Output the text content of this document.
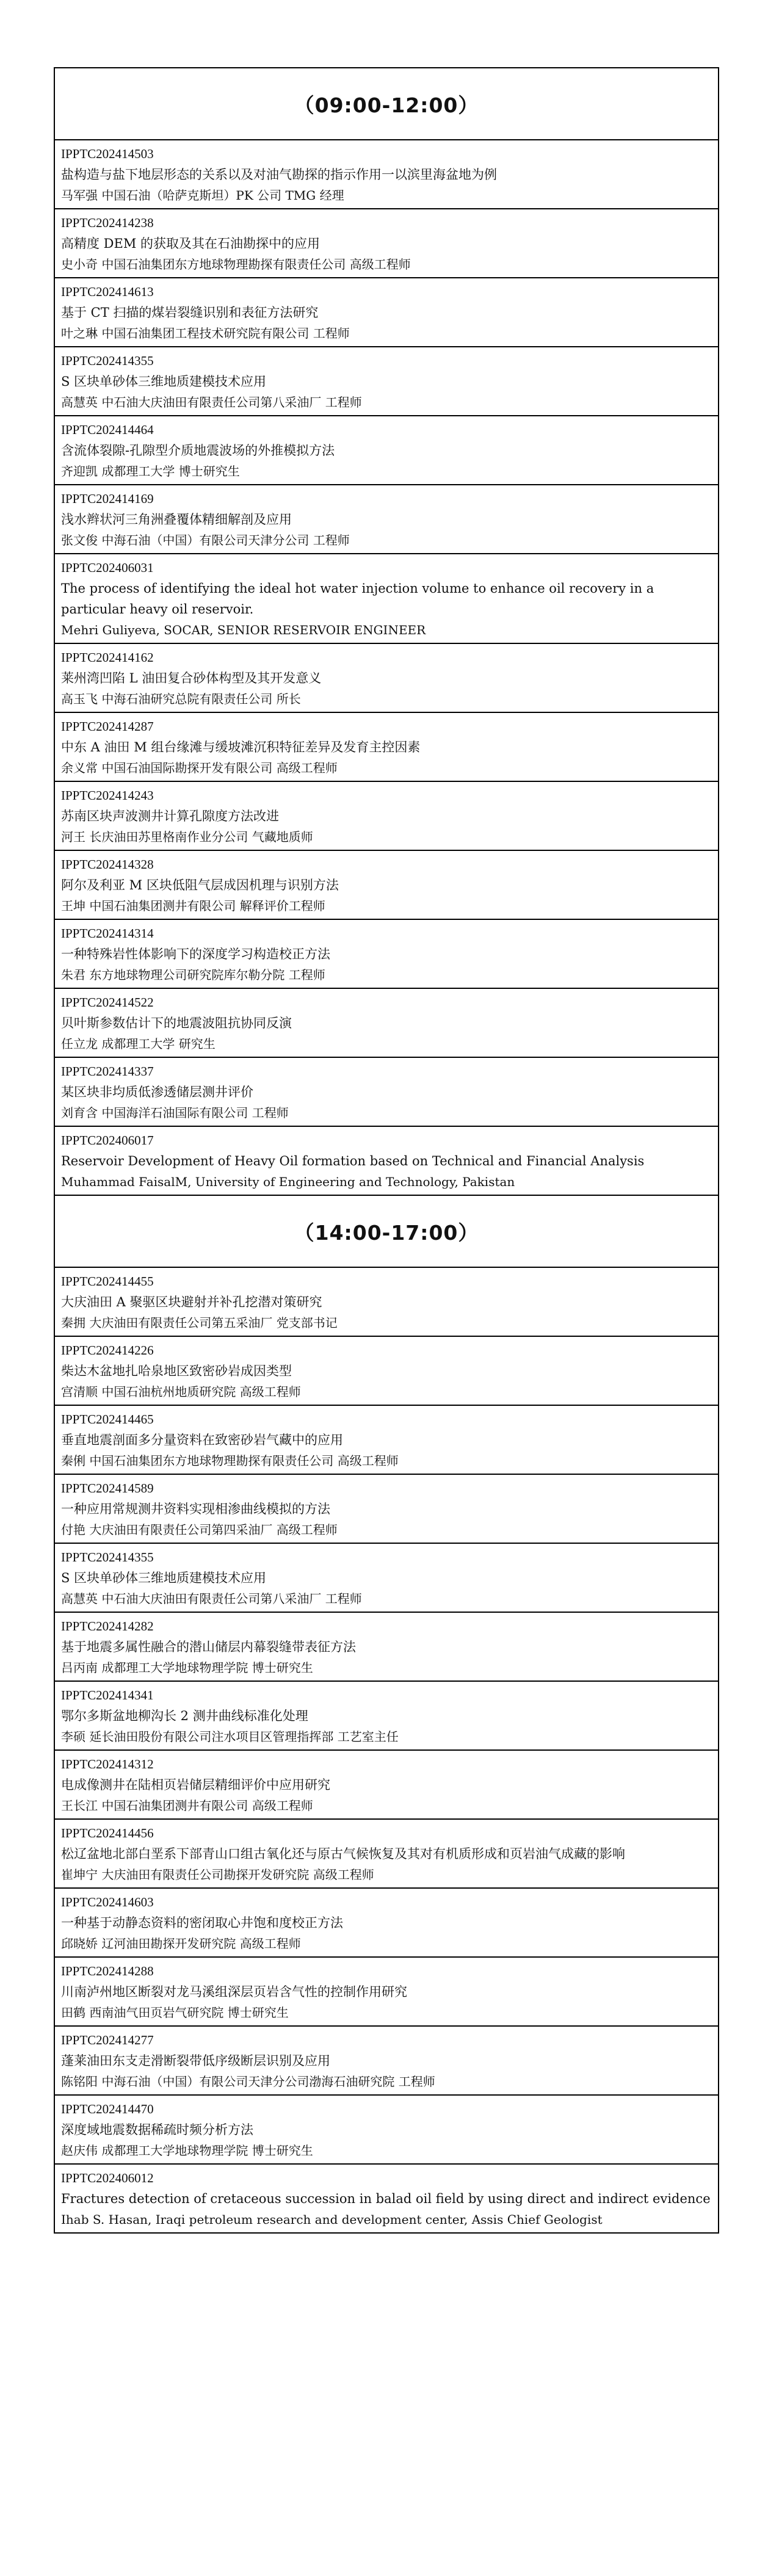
（09:00-12:00）
IPPTC202414503
盐构造与盐下地层形态的关系以及对油气勘探的指示作用一以滨里海盆地为例
马军强 中国石油（哈萨克斯坦）PK 公司 TMG 经理
IPPTC202414238
高精度 DEM 的获取及其在石油勘探中的应用
史小奇 中国石油集团东方地球物理勘探有限责任公司 高级工程师
IPPTC202414613
基于 CT 扫描的煤岩裂缝识别和表征方法研究
叶之琳 中国石油集团工程技术研究院有限公司 工程师
IPPTC202414355
S 区块单砂体三维地质建模技术应用
高慧英 中石油大庆油田有限责任公司第八采油厂 工程师
IPPTC202414464
含流体裂隙-孔隙型介质地震波场的外推模拟方法
齐迎凯 成都理工大学 博士研究生
IPPTC202414169
浅水辫状河三角洲叠覆体精细解剖及应用
张文俊 中海石油（中国）有限公司天津分公司 工程师
IPPTC202406031
The process of identifying the ideal hot water injection volume to enhance oil recovery in a particular heavy oil reservoir.
Mehri Guliyeva, SOCAR, SENIOR RESERVOIR ENGINEER
IPPTC202414162
莱州湾凹陷 L 油田复合砂体构型及其开发意义
高玉飞 中海石油研究总院有限责任公司 所长
IPPTC202414287
中东 A 油田 M 组台缘滩与缓坡滩沉积特征差异及发育主控因素
余义常 中国石油国际勘探开发有限公司 高级工程师
IPPTC202414243
苏南区块声波测井计算孔隙度方法改进
河王 长庆油田苏里格南作业分公司 气藏地质师
IPPTC202414328
阿尔及利亚 M 区块低阻气层成因机理与识别方法
王坤 中国石油集团测井有限公司 解释评价工程师
IPPTC202414314
一种特殊岩性体影响下的深度学习构造校正方法
朱君 东方地球物理公司研究院库尔勒分院 工程师
IPPTC202414522
贝叶斯参数估计下的地震波阻抗协同反演
任立龙 成都理工大学 研究生
IPPTC202414337
某区块非均质低渗透储层测井评价
刘育含 中国海洋石油国际有限公司 工程师
IPPTC202406017
Reservoir Development of Heavy Oil formation based on Technical and Financial Analysis
Muhammad FaisalM, University of Engineering and Technology, Pakistan
（14:00-17:00）
IPPTC202414455
大庆油田 A 聚驱区块避射并补孔挖潜对策研究
秦拥 大庆油田有限责任公司第五采油厂 党支部书记
IPPTC202414226
柴达木盆地扎哈泉地区致密砂岩成因类型
宫清顺 中国石油杭州地质研究院 高级工程师
IPPTC202414465
垂直地震剖面多分量资料在致密砂岩气藏中的应用
秦俐 中国石油集团东方地球物理勘探有限责任公司 高级工程师
IPPTC202414589
一种应用常规测井资料实现相渗曲线模拟的方法
付艳 大庆油田有限责任公司第四采油厂 高级工程师
IPPTC202414355
S 区块单砂体三维地质建模技术应用
高慧英 中石油大庆油田有限责任公司第八采油厂 工程师
IPPTC202414282
基于地震多属性融合的潜山储层内幕裂缝带表征方法
吕丙南 成都理工大学地球物理学院 博士研究生
IPPTC202414341
鄂尔多斯盆地柳沟长 2 测井曲线标准化处理
李硕 延长油田股份有限公司注水项目区管理指挥部 工艺室主任
IPPTC202414312
电成像测井在陆相页岩储层精细评价中应用研究
王长江 中国石油集团测井有限公司 高级工程师
IPPTC202414456
松辽盆地北部白垩系下部青山口组古氧化还与原古气候恢复及其对有机质形成和页岩油气成藏的影响
崔坤宁 大庆油田有限责任公司勘探开发研究院 高级工程师
IPPTC202414603
一种基于动静态资料的密闭取心井饱和度校正方法
邱晓娇 辽河油田勘探开发研究院 高级工程师
IPPTC202414288
川南泸州地区断裂对龙马溪组深层页岩含气性的控制作用研究
田鹤 西南油气田页岩气研究院 博士研究生
IPPTC202414277
蓬莱油田东支走滑断裂带低序级断层识别及应用
陈铭阳 中海石油（中国）有限公司天津分公司渤海石油研究院 工程师
IPPTC202414470
深度域地震数据稀疏时频分析方法
赵庆伟 成都理工大学地球物理学院 博士研究生
IPPTC202406012
Fractures detection of cretaceous succession in balad oil field by using direct and indirect evidence
Ihab S. Hasan, Iraqi petroleum research and development center, Assis Chief Geologist
